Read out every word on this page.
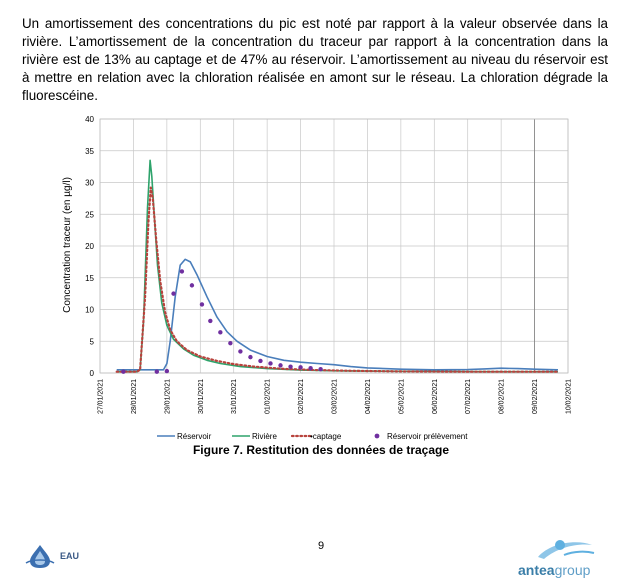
Un amortissement des concentrations du pic est noté par rapport à la valeur observée dans la rivière. L’amortissement de la concentration du traceur par rapport à la concentration dans la rivière est de 13% au captage et de 47% au réservoir. L’amortissement au niveau du réservoir est à mettre en relation avec la chloration réalisée en amont sur le réseau. La chloration dégrade la fluorescéine.

0
5
10
15
20
25
30
35
40
27/01/2021	28/01/2021	29/01/2021	30/01/2021	31/01/2021	01/02/2021	02/02/2021	03/02/2021	04/02/2021	05/02/2021	06/02/2021	07/02/2021	08/02/2021	09/02/2021	10/02/2021
Concentration traceur (en µg/l)
Réservoir	Rivière	•captage	Réservoir prélèvement
Figure 7. Restitution des données de traçage
9
EAU
anteagroup
